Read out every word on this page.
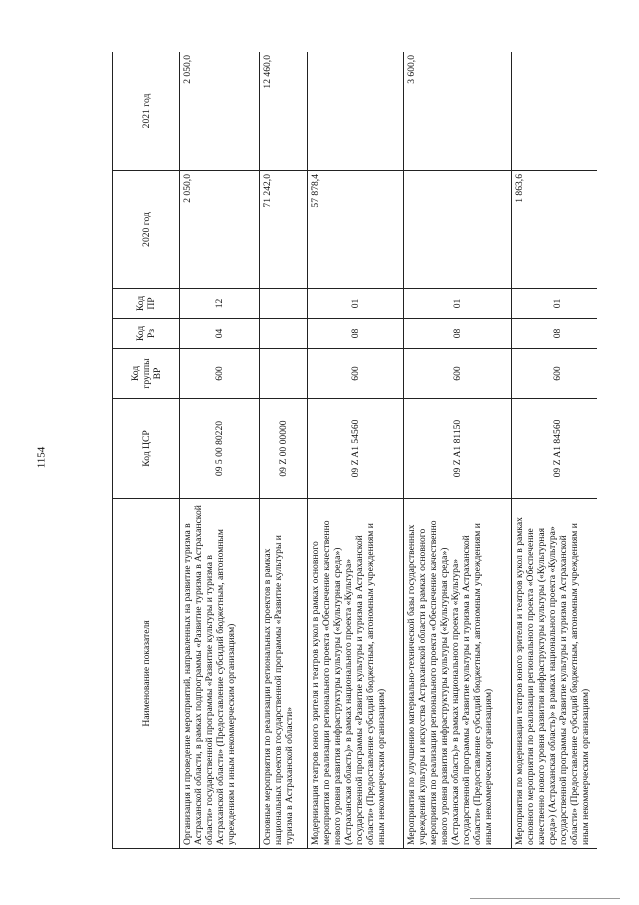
1154
Наименование показателя	Код ЦСР	Код группы ВР	Код Рз	Код ПР	2020 год	2021 год
Организация и проведение мероприятий, направленных на развитие туризма в Астраханской области, в рамках подпрограммы «Развитие туризма в Астраханской области» государственной программы «Развитие культуры и туризма в Астраханской области» (Предоставление субсидий бюджетным, автономным учреждениям и иным некоммерческим организациям)	09 5 00 80220	600	04	12	2 050,0	2 050,0
Основные мероприятия по реализации региональных проектов в рамках национальных проектов государственной программы «Развитие культуры и туризма в Астраханской области»	09 Z 00 00000				71 242,0	12 460,0
Модернизация театров юного зрителя и театров кукол в рамках основного мероприятия по реализации регионального проекта «Обеспечение качественно нового уровня развития инфраструктуры культуры («Культурная среда») (Астраханская область)» в рамках национального проекта «Культура» государственной программы «Развитие культуры и туризма в Астраханской области» (Предоставление субсидий бюджетным, автономным учреждениям и иным некоммерческим организациям)	09 Z A1 54560	600	08	01	57 878,4	
Мероприятия по улучшению материально-технической базы государственных учреждений культуры и искусства Астраханской области в рамках основного мероприятия по реализации регионального проекта «Обеспечение качественно нового уровня развития инфраструктуры культуры («Культурная среда») (Астраханская область)» в рамках национального проекта «Культура» государственной программы «Развитие культуры и туризма в Астраханской области» (Предоставление субсидий бюджетным, автономным учреждениям и иным некоммерческим организациям)	09 Z A1 81150	600	08	01		3 600,0
Мероприятия по модернизации театров юного зрителя и театров кукол в рамках основного мероприятия по реализации регионального проекта «Обеспечение качественно нового уровня развития инфраструктуры культуры («Культурная среда») (Астраханская область)» в рамках национального проекта «Культура» государственной программы «Развитие культуры и туризма в Астраханской области» (Предоставление субсидий бюджетным, автономным учреждениям и иным некоммерческим организациям)	09 Z A1 84560	600	08	01	1 863,6	
